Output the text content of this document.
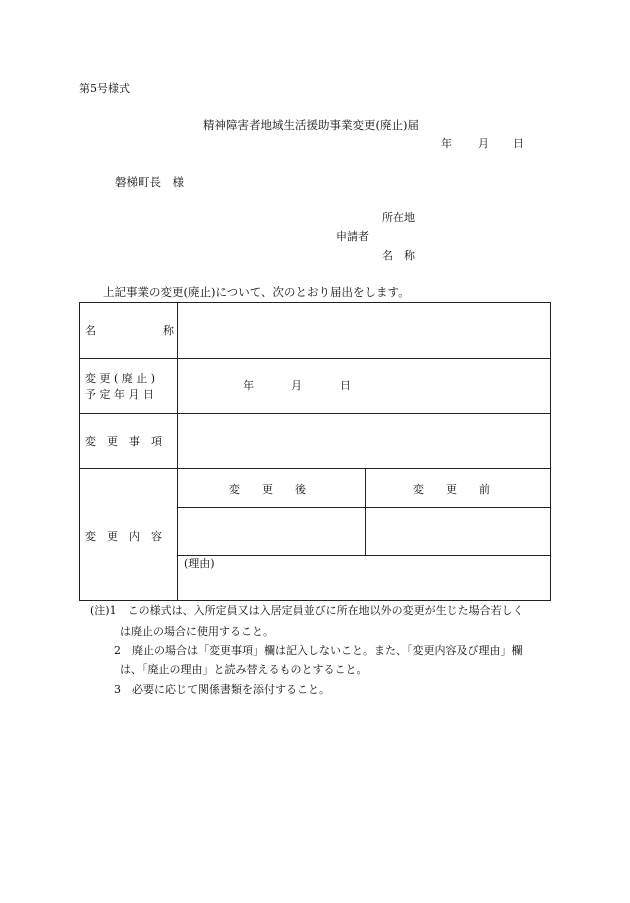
第5号様式
精神障害者地域生活援助事業変更(廃止)届
年 月 日
磐梯町長　様
所在地
申請者
名　称
上記事業の変更(廃止)について、次のとおり届出をします。
名	称
変 更 ( 廃 止 )
予 定 年 月 日
年	月	日
変　更　事　項
変　更　内　容
変　　更　　後	変　　更　　前
(理由)
(注)1　この様式は、入所定員又は入居定員並びに所在地以外の変更が生じた場合若しく
は廃止の場合に使用すること。
2　廃止の場合は「変更事項」欄は記入しないこと。また、「変更内容及び理由」欄
は、「廃止の理由」と読み替えるものとすること。
3　必要に応じて関係書類を添付すること。
